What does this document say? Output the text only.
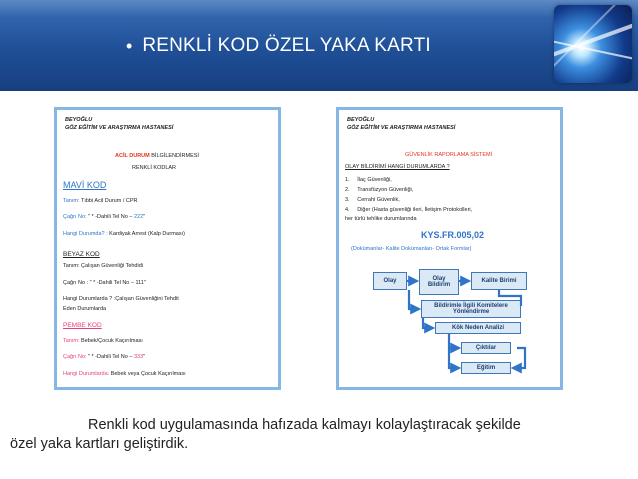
• RENKLİ KOD ÖZEL YAKA KARTI
BEYOĞLU
GÖZ EĞİTİM VE ARAŞTIRMA HASTANESİ
ACİL DURUM BİLGİLENDİRMESİ
RENKLİ KODLAR
MAVİ KOD
Tanım: Tıbbi Acil Durum / CPR
Çağrı No: " * -Dahili Tel No – 222"
Hangi Durumda? : Kardiyak Arrest (Kalp Durması)
BEYAZ KOD
Tanım: Çalışan Güvenliği Tehdidi
Çağrı No : " * -Dahili Tel No – 111"
Hangi Durumlarda ? :Çalışan Güvenliğini Tehdit
Eden Durumlarda
PEMBE KOD
Tanım: Bebek/Çocuk Kaçırılması
Çağrı No: " * -Dahili Tel No – 333"
Hangi Durumlarda: Bebek veya Çocuk Kaçırılması
BEYOĞLU
GÖZ EĞİTİM VE ARAŞTIRMA HASTANESİ
GÜVENLİK RAPORLAMA SİSTEMİ
OLAY BİLDİRİMİ HANGİ DURUMLARDA ?
1. İlaç Güvenliği,
2. Transfüzyon Güvenliği,
3. Cerrahi Güvenlik,
4. Diğer (Hasta güvenliği ileri, İletişim Protokolleri,
her türlü tehlike durumlarında
KYS.FR.005,02
(Dokümanlar- Kalite Dokümanları- Ortak Formlar)
Olay	Olay Bildirim
Kalite Birimi
Bildirimle İlgili Komitelere Yönlendirme
Kök Neden Analizi
Çıktılar
Eğitim
Renkli kod uygulamasında hafızada kalmayı kolaylaştıracak şekilde
özel yaka kartları geliştirdik.
